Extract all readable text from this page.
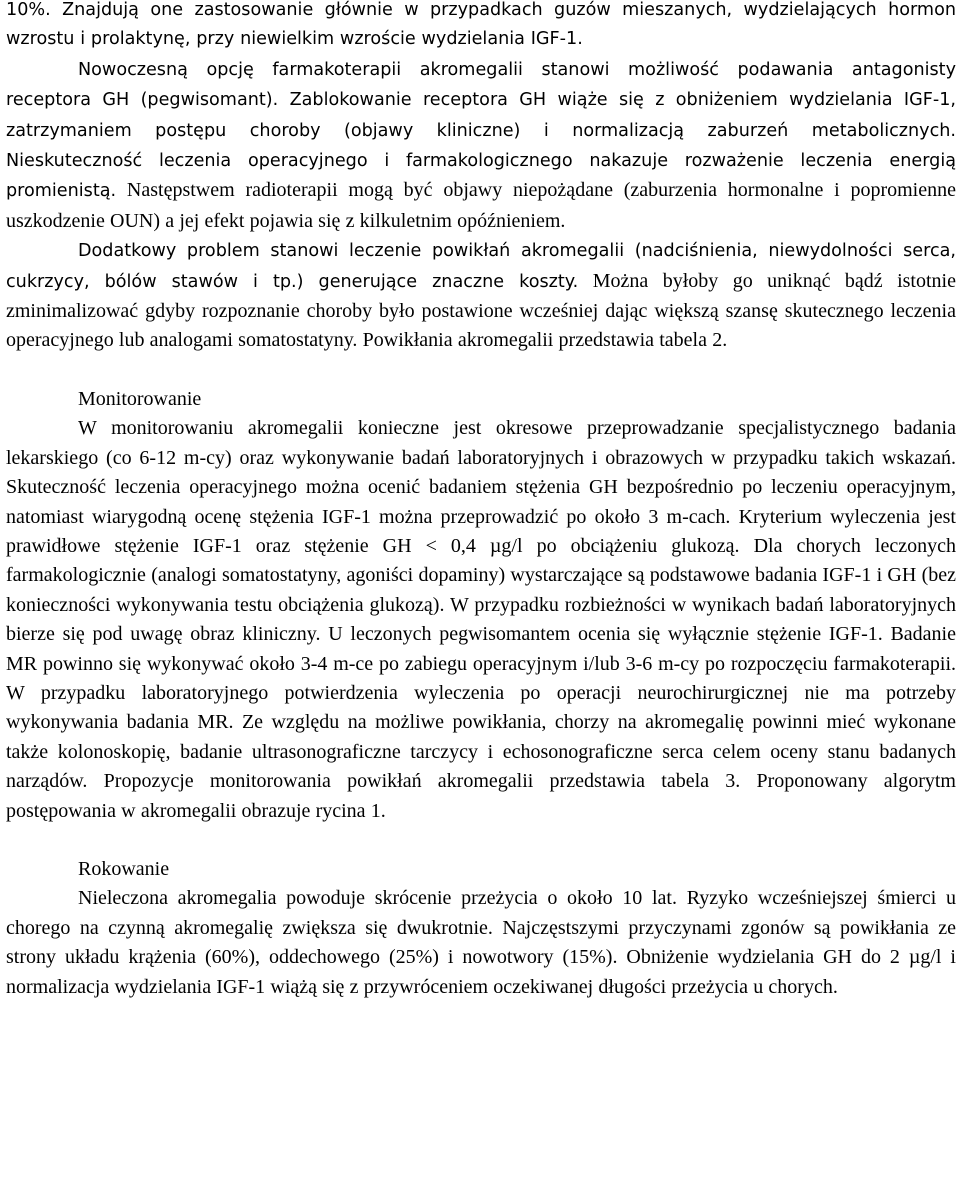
10%. Znajdują one zastosowanie głównie w przypadkach guzów mieszanych, wydzielających hormon wzrostu i prolaktynę, przy niewielkim wzroście wydzielania IGF-1.

Nowoczesną opcję farmakoterapii akromegalii stanowi możliwość podawania antagonisty receptora GH (pegwisomant). Zablokowanie receptora GH wiąże się z obniżeniem wydzielania IGF-1, zatrzymaniem postępu choroby (objawy kliniczne) i normalizacją zaburzeń metabolicznych. Nieskuteczność leczenia operacyjnego i farmakologicznego nakazuje rozważenie leczenia energią promienistą. Następstwem radioterapii mogą być objawy niepożądane (zaburzenia hormonalne i popromienne uszkodzenie OUN) a jej efekt pojawia się z kilkuletnim opóźnieniem.

Dodatkowy problem stanowi leczenie powikłań akromegalii (nadciśnienia, niewydolności serca, cukrzycy, bólów stawów i tp.) generujące znaczne koszty. Można byłoby go uniknąć bądź istotnie zminimalizować gdyby rozpoznanie choroby było postawione wcześniej dając większą szansę skutecznego leczenia operacyjnego lub analogami somatostatyny. Powikłania akromegalii przedstawia tabela 2.

Monitorowanie

W monitorowaniu akromegalii konieczne jest okresowe przeprowadzanie specjalistycznego badania lekarskiego (co 6-12 m-cy) oraz wykonywanie badań laboratoryjnych i obrazowych w przypadku takich wskazań. Skuteczność leczenia operacyjnego można ocenić badaniem stężenia GH bezpośrednio po leczeniu operacyjnym, natomiast wiarygodną ocenę stężenia IGF-1 można przeprowadzić po około 3 m-cach. Kryterium wyleczenia jest prawidłowe stężenie IGF-1 oraz stężenie GH < 0,4 µg/l po obciążeniu glukozą. Dla chorych leczonych farmakologicznie (analogi somatostatyny, agoniści dopaminy) wystarczające są podstawowe badania IGF-1 i GH (bez konieczności wykonywania testu obciążenia glukozą). W przypadku rozbieżności w wynikach badań laboratoryjnych bierze się pod uwagę obraz kliniczny. U leczonych pegwisomantem ocenia się wyłącznie stężenie IGF-1. Badanie MR powinno się wykonywać około 3-4 m-ce po zabiegu operacyjnym i/lub 3-6 m-cy po rozpoczęciu farmakoterapii. W przypadku laboratoryjnego potwierdzenia wyleczenia po operacji neurochirurgicznej nie ma potrzeby wykonywania badania MR. Ze względu na możliwe powikłania, chorzy na akromegalię powinni mieć wykonane także kolonoskopię, badanie ultrasonograficzne tarczycy i echosonograficzne serca celem oceny stanu badanych narządów. Propozycje monitorowania powikłań akromegalii przedstawia tabela 3. Proponowany algorytm postępowania w akromegalii obrazuje rycina 1.

Rokowanie

Nieleczona akromegalia powoduje skrócenie przeżycia o około 10 lat. Ryzyko wcześniejszej śmierci u chorego na czynną akromegalię zwiększa się dwukrotnie. Najczęstszymi przyczynami zgonów są powikłania ze strony układu krążenia (60%), oddechowego (25%) i nowotwory (15%). Obniżenie wydzielania GH do 2 µg/l i normalizacja wydzielania IGF-1 wiążą się z przywróceniem oczekiwanej długości przeżycia u chorych.
